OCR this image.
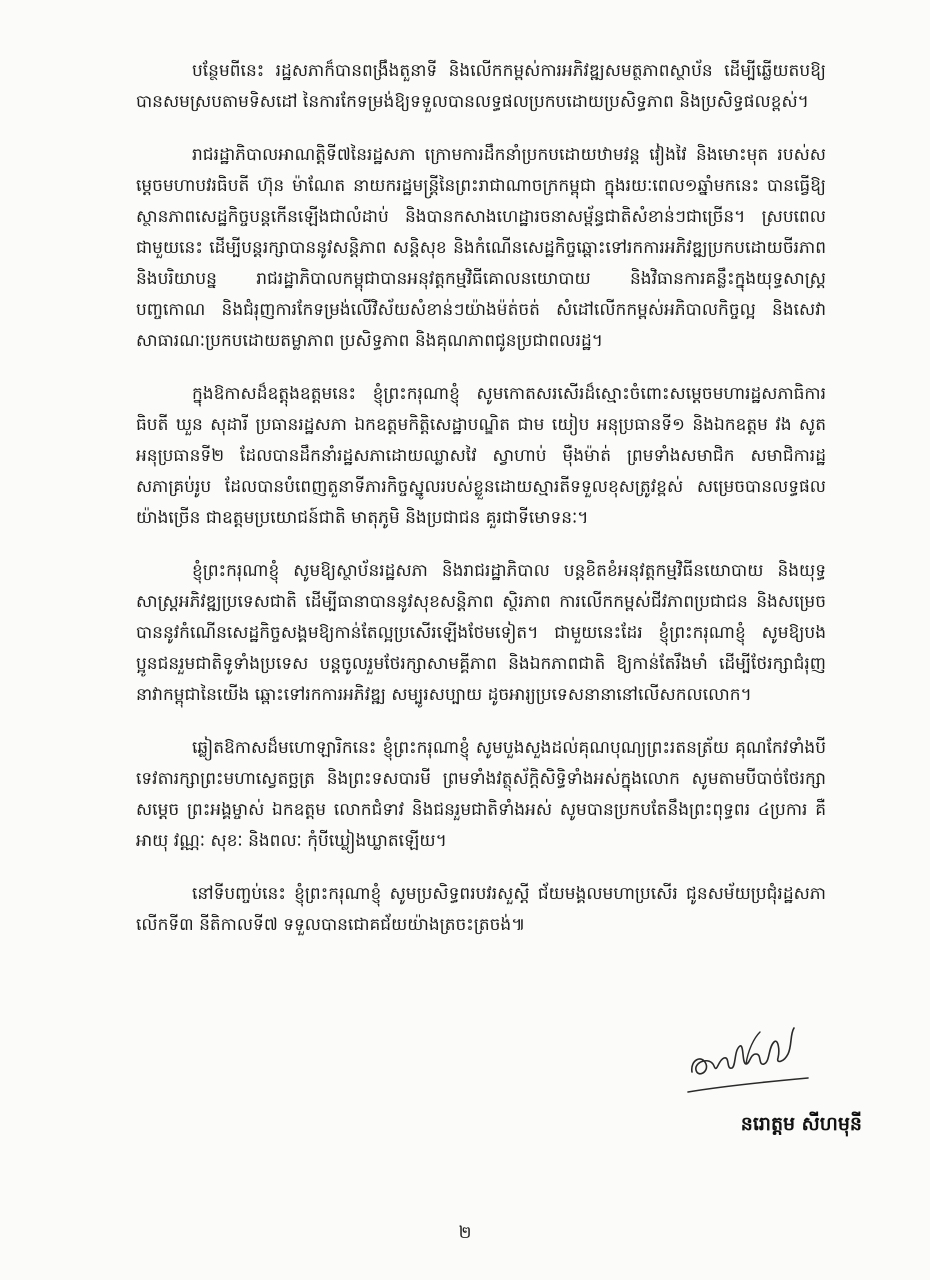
បន្ថែមពីនេះ រដ្ឋសភាក៏បានពង្រឹងតួនាទី និងលើកកម្ពស់ការអភិវឌ្ឍសមត្ថភាពស្ថាប័ន ដើម្បីឆ្លើយតបឱ្យបានសមស្របតាមទិសដៅ នៃការកែទម្រង់ឱ្យទទួលបានលទ្ធផលប្រកបដោយប្រសិទ្ធភាព និងប្រសិទ្ធផលខ្ពស់។

រាជរដ្ឋាភិបាលអាណត្តិទី៧នៃរដ្ឋសភា ក្រោមការដឹកនាំប្រកបដោយឋាមវន្ត វៀងវៃ និងមោះមុត របស់សម្តេចមហាបវរធិបតី ហ៊ុន ម៉ាណែត នាយករដ្ឋមន្ត្រីនៃព្រះរាជាណាចក្រកម្ពុជា ក្នុងរយៈពេល១ឆ្នាំមកនេះ បានធ្វើឱ្យស្ថានភាពសេដ្ឋកិច្ចបន្តកើនឡើងជាលំដាប់ និងបានកសាងហេដ្ឋារចនាសម្ព័ន្ធជាតិសំខាន់ៗជាច្រើន។ ស្របពេលជាមួយនេះ ដើម្បីបន្តរក្សាបាននូវសន្តិភាព សន្តិសុខ និងកំណើនសេដ្ឋកិច្ចឆ្ពោះទៅរកការអភិវឌ្ឍប្រកបដោយចីរភាព និងបរិយាបន្ន រាជរដ្ឋាភិបាលកម្ពុជាបានអនុវត្តកម្មវិធីគោលនយោបាយ និងវិធានការគន្លឹះក្នុងយុទ្ធសាស្ត្របញ្ចកោណ និងជំរុញការកែទម្រង់លើវិស័យសំខាន់ៗយ៉ាងម៉ត់ចត់ សំដៅលើកកម្ពស់អភិបាលកិច្ចល្អ និងសេវាសាធារណៈប្រកបដោយតម្លាភាព ប្រសិទ្ធភាព និងគុណភាពជូនប្រជាពលរដ្ឋ។

ក្នុងឱកាសដ៏ឧត្តុងឧត្តមនេះ ខ្ញុំព្រះករុណាខ្ញុំ សូមកោតសរសើរដ៏ស្មោះចំពោះសម្តេចមហារដ្ឋសភាធិការធិបតី ឃួន សុដារី ប្រធានរដ្ឋសភា ឯកឧត្តមកិត្តិសេដ្ឋាបណ្ឌិត ជាម យៀប អនុប្រធានទី១ និងឯកឧត្តម វង សូត អនុប្រធានទី២ ដែលបានដឹកនាំរដ្ឋសភាដោយឈ្លាសវៃ ស្វាហាប់ ម៉ឺងម៉ាត់ ព្រមទាំងសមាជិក សមាជិការដ្ឋសភាគ្រប់រូប ដែលបានបំពេញតួនាទីភារកិច្ចស្នូលរបស់ខ្លួនដោយស្មារតីទទួលខុសត្រូវខ្ពស់ សម្រេចបានលទ្ធផលយ៉ាងច្រើន ជាឧត្តមប្រយោជន៍ជាតិ មាតុភូមិ និងប្រជាជន គួរជាទីមោទនៈ។

ខ្ញុំព្រះករុណាខ្ញុំ សូមឱ្យស្ថាប័នរដ្ឋសភា និងរាជរដ្ឋាភិបាល បន្តខិតខំអនុវត្តកម្មវិធីនយោបាយ និងយុទ្ធសាស្ត្រអភិវឌ្ឍប្រទេសជាតិ ដើម្បីធានាបាននូវសុខសន្តិភាព ស្ថិរភាព ការលើកកម្ពស់ជីវភាពប្រជាជន និងសម្រេចបាននូវកំណើនសេដ្ឋកិច្ចសង្គមឱ្យកាន់តែល្អប្រសើរឡើងថែមទៀត។ ជាមួយនេះដែរ ខ្ញុំព្រះករុណាខ្ញុំ សូមឱ្យបងប្អូនជនរួមជាតិទូទាំងប្រទេស បន្តចូលរួមថែរក្សាសាមគ្គីភាព និងឯកភាពជាតិ ឱ្យកាន់តែរឹងមាំ ដើម្បីថែរក្សាជំរុញនាវាកម្ពុជានៃយើង ឆ្ពោះទៅរកការអភិវឌ្ឍ សម្បូរសប្បាយ ដូចអារ្យប្រទេសនានានៅលើសកលលោក។

ឆ្លៀតឱកាសដ៏មហោឡារិកនេះ ខ្ញុំព្រះករុណាខ្ញុំ សូមបួងសួងដល់គុណបុណ្យព្រះរតនត្រ័យ គុណកែវទាំងបី ទេវតារក្សាព្រះមហាស្វេតច្ឆត្រ និងព្រះទសបារមី ព្រមទាំងវត្ថុស័ក្តិសិទ្ធិទាំងអស់ក្នុងលោក សូមតាមបីបាច់ថែរក្សា សម្តេច ព្រះអង្គម្ចាស់ ឯកឧត្តម លោកជំទាវ និងជនរួមជាតិទាំងអស់ សូមបានប្រកបតែនឹងព្រះពុទ្ធពរ ៤ប្រការ គឺអាយុ វណ្ណៈ សុខៈ និងពលៈ កុំបីឃ្លៀងឃ្លាតឡើយ។

នៅទីបញ្ចប់នេះ ខ្ញុំព្រះករុណាខ្ញុំ សូមប្រសិទ្ធពរបវរសួស្តី ជ័យមង្គលមហាប្រសើរ ជូនសម័យប្រជុំរដ្ឋសភាលើកទី៣ នីតិកាលទី៧ ទទួលបានជោគជ័យយ៉ាងត្រចះត្រចង់៕

នរោត្តម សីហមុនី
២
